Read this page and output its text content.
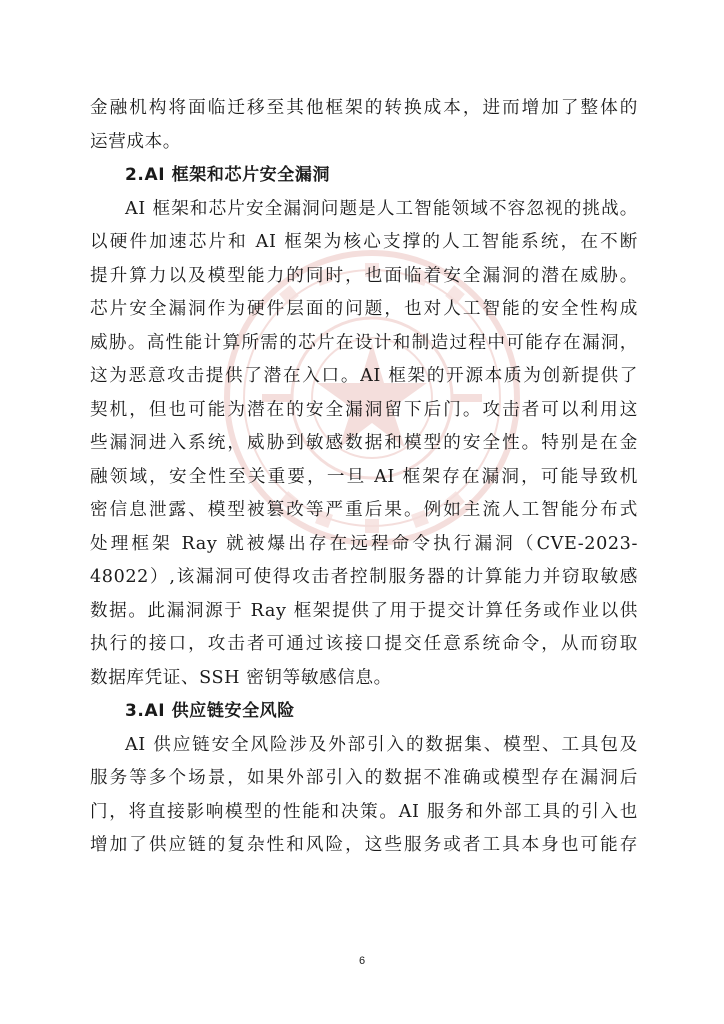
金融机构将面临迁移至其他框架的转换成本，进而增加了整体的
运营成本。
2.AI 框架和芯片安全漏洞
AI 框架和芯片安全漏洞问题是人工智能领域不容忽视的挑战。
以硬件加速芯片和 AI 框架为核心支撑的人工智能系统，在不断
提升算力以及模型能力的同时，也面临着安全漏洞的潜在威胁。
芯片安全漏洞作为硬件层面的问题，也对人工智能的安全性构成
威胁。高性能计算所需的芯片在设计和制造过程中可能存在漏洞，
这为恶意攻击提供了潜在入口。AI 框架的开源本质为创新提供了
契机，但也可能为潜在的安全漏洞留下后门。攻击者可以利用这
些漏洞进入系统，威胁到敏感数据和模型的安全性。特别是在金
融领域，安全性至关重要，一旦 AI 框架存在漏洞，可能导致机
密信息泄露、模型被篡改等严重后果。例如主流人工智能分布式
处理框架 Ray 就被爆出存在远程命令执行漏洞（CVE-2023-
48022）,该漏洞可使得攻击者控制服务器的计算能力并窃取敏感
数据。此漏洞源于 Ray 框架提供了用于提交计算任务或作业以供
执行的接口，攻击者可通过该接口提交任意系统命令，从而窃取
数据库凭证、SSH 密钥等敏感信息。
3.AI 供应链安全风险
AI 供应链安全风险涉及外部引入的数据集、模型、工具包及
服务等多个场景，如果外部引入的数据不准确或模型存在漏洞后
门，将直接影响模型的性能和决策。AI 服务和外部工具的引入也
增加了供应链的复杂性和风险，这些服务或者工具本身也可能存
6
